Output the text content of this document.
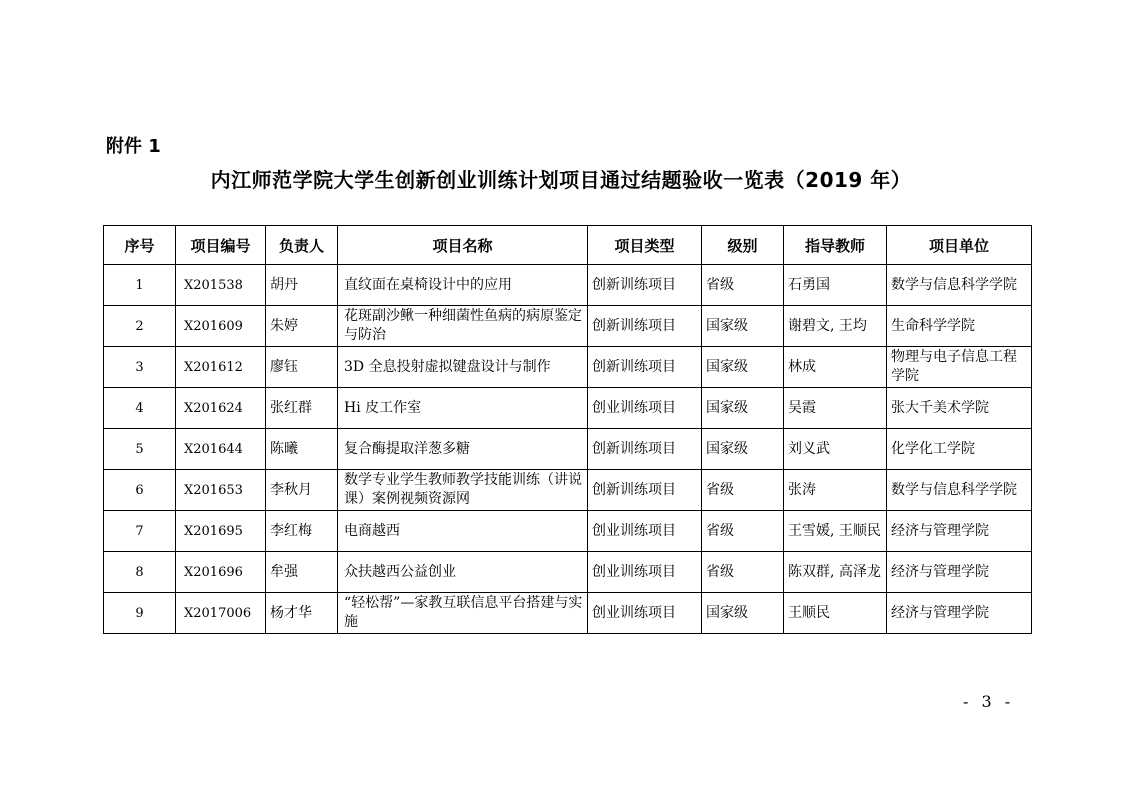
附件 1
内江师范学院大学生创新创业训练计划项目通过结题验收一览表（2019 年）
序号	项目编号	负责人	项目名称	项目类型	级别	指导教师	项目单位
1	X201538	胡丹	直纹面在桌椅设计中的应用	创新训练项目	省级	石勇国	数学与信息科学学院
2	X201609	朱婷	花斑副沙鳅一种细菌性鱼病的病原鉴定与防治	创新训练项目	国家级	谢碧文, 王均	生命科学学院
3	X201612	廖钰	3D 全息投射虚拟键盘设计与制作	创新训练项目	国家级	林成	物理与电子信息工程学院
4	X201624	张红群	Hi 皮工作室	创业训练项目	国家级	吴霞	张大千美术学院
5	X201644	陈曦	复合酶提取洋葱多糖	创新训练项目	国家级	刘义武	化学化工学院
6	X201653	李秋月	数学专业学生教师教学技能训练（讲说课）案例视频资源网	创新训练项目	省级	张涛	数学与信息科学学院
7	X201695	李红梅	电商越西	创业训练项目	省级	王雪媛, 王顺民	经济与管理学院
8	X201696	牟强	众扶越西公益创业	创业训练项目	省级	陈双群, 高泽龙	经济与管理学院
9	X2017006	杨才华	“轻松帮”—家教互联信息平台搭建与实施	创业训练项目	国家级	王顺民	经济与管理学院
- 3 -
